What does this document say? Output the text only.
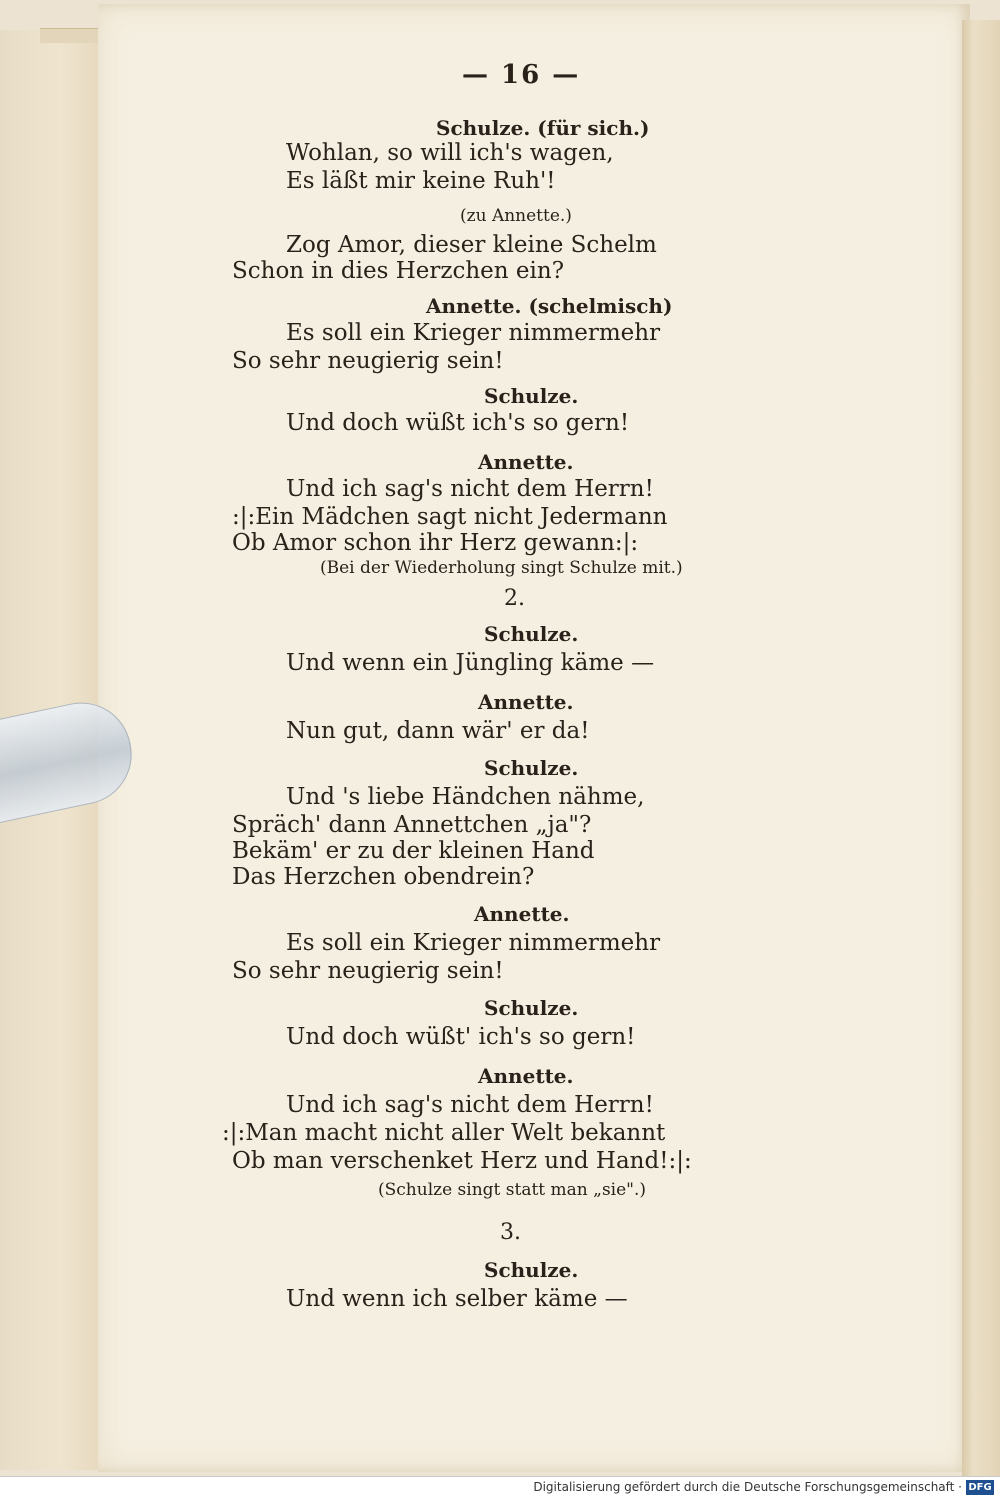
— 16 —
Schulze. (für sich.)
Wohlan, so will ich's wagen,
Es läßt mir keine Ruh'!
(zu Annette.)
Zog Amor, dieser kleine Schelm
Schon in dies Herzchen ein?
Annette. (schelmisch)
Es soll ein Krieger nimmermehr
So sehr neugierig sein!
Schulze.
Und doch wüßt ich's so gern!
Annette.
Und ich sag's nicht dem Herrn!
:|:Ein Mädchen sagt nicht Jedermann
Ob Amor schon ihr Herz gewann:|:
(Bei der Wiederholung singt Schulze mit.)
2.
Schulze.
Und wenn ein Jüngling käme —
Annette.
Nun gut, dann wär' er da!
Schulze.
Und 's liebe Händchen nähme,
Spräch' dann Annettchen „ja"?
Bekäm' er zu der kleinen Hand
Das Herzchen obendrein?
Annette.
Es soll ein Krieger nimmermehr
So sehr neugierig sein!
Schulze.
Und doch wüßt' ich's so gern!
Annette.
Und ich sag's nicht dem Herrn!
:|:Man macht nicht aller Welt bekannt
Ob man verschenket Herz und Hand!:|:
(Schulze singt statt man „sie".)
3.
Schulze.
Und wenn ich selber käme —
Digitalisierung gefördert durch die Deutsche Forschungsgemeinschaft · DFG
